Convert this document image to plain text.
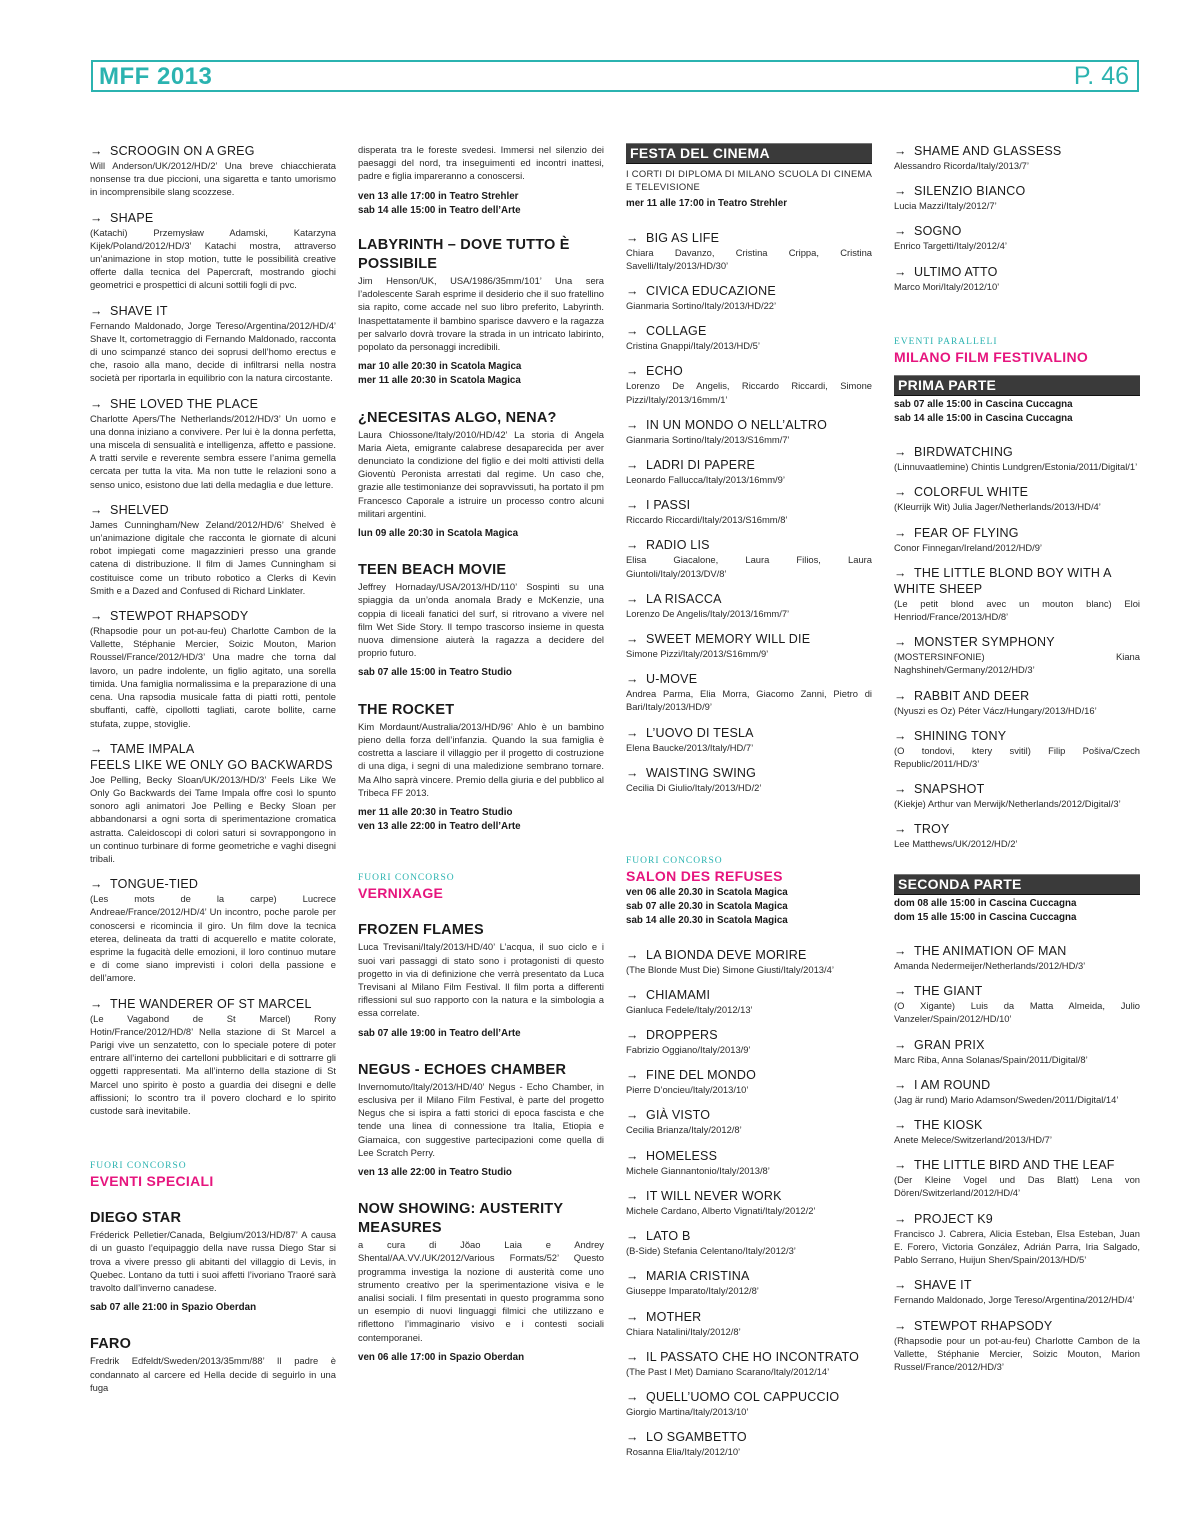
MFF 2013	P. 46
→  SCROOGIN ON A GREG
Will Anderson/UK/2012/HD/2’ Una breve chiacchierata nonsense tra due piccioni, una sigaretta e tanto umorismo in incomprensibile slang scozzese.
→  SHAPE
(Katachi) Przemysław Adamski, Katarzyna Kijek/Poland/2012/HD/3’ Katachi mostra, attraverso un’animazione in stop motion, tutte le possibilità creative offerte dalla tecnica del Papercraft, mostrando giochi geometrici e prospettici di alcuni sottili fogli di pvc.
→  SHAVE IT
Fernando Maldonado, Jorge Tereso/Argentina/2012/HD/4’ Shave It, cortometraggio di Fernando Maldonado, racconta di uno scimpanzé stanco dei soprusi dell’homo erectus e che, rasoio alla mano, decide di infiltrarsi nella nostra società per riportarla in equilibrio con la natura circostante.
→  SHE LOVED THE PLACE
Charlotte Apers/The Netherlands/2012/HD/3’ Un uomo e una donna iniziano a convivere. Per lui è la donna perfetta, una miscela di sensualità e intelligenza, affetto e passione. A tratti servile e reverente sembra essere l’anima gemella cercata per tutta la vita. Ma non tutte le relazioni sono a senso unico, esistono due lati della medaglia e due letture.
→  SHELVED
James Cunningham/New Zeland/2012/HD/6’ Shelved è un’animazione digitale che racconta le giornate di alcuni robot impiegati come magazzinieri presso una grande catena di distribuzione. Il film di James Cunningham si costituisce come un tributo robotico a Clerks di Kevin Smith e a Dazed and Confused di Richard Linklater.
→  STEWPOT RHAPSODY
(Rhapsodie pour un pot-au-feu) Charlotte Cambon de la Vallette, Stéphanie Mercier, Soizic Mouton, Marion Roussel/France/2012/HD/3’ Una madre che torna dal lavoro, un padre indolente, un figlio agitato, una sorella timida. Una famiglia normalissima e la preparazione di una cena. Una rapsodia musicale fatta di piatti rotti, pentole sbuffanti, caffè, cipollotti tagliati, carote bollite, carne stufata, zuppe, stoviglie.
→  TAME IMPALA
FEELS LIKE WE ONLY GO BACKWARDS
Joe Pelling, Becky Sloan/UK/2013/HD/3’ Feels Like We Only Go Backwards dei Tame Impala offre così lo spunto sonoro agli animatori Joe Pelling e Becky Sloan per abbandonarsi a ogni sorta di sperimentazione cromatica astratta. Caleidoscopi di colori saturi si sovrappongono in un continuo turbinare di forme geometriche e vaghi disegni tribali.
→  TONGUE-TIED
(Les mots de la carpe) Lucrece Andreae/France/2012/HD/4’ Un incontro, poche parole per conoscersi e ricomincia il giro. Un film dove la tecnica eterea, delineata da tratti di acquerello e matite colorate, esprime la fugacità delle emozioni, il loro continuo mutare e di come siano imprevisti i colori della passione e dell’amore.
→  THE WANDERER OF ST MARCEL
(Le Vagabond de St Marcel) Rony Hotin/France/2012/HD/8’ Nella stazione di St Marcel a Parigi vive un senzatetto, con lo speciale potere di poter entrare all’interno dei cartelloni pubblicitari e di sottrarre gli oggetti rappresentati. Ma all’interno della stazione di St Marcel uno spirito è posto a guardia dei disegni e delle affissioni; lo scontro tra il povero clochard e lo spirito custode sarà inevitabile.
FUORI CONCORSO
EVENTI SPECIALI
DIEGO STAR
Fréderick Pelletier/Canada, Belgium/2013/HD/87’ A causa di un guasto l’equipaggio della nave russa Diego Star si trova a vivere presso gli abitanti del villaggio di Levis, in Quebec. Lontano da tutti i suoi affetti l’ivoriano Traoré sarà travolto dall’inverno canadese.
sab 07 alle 21:00 in Spazio Oberdan
FARO
Fredrik Edfeldt/Sweden/2013/35mm/88’ Il padre è condannato al carcere ed Hella decide di seguirlo in una fuga
disperata tra le foreste svedesi. Immersi nel silenzio dei paesaggi del nord, tra inseguimenti ed incontri inattesi, padre e figlia impareranno a conoscersi.
ven 13 alle 17:00 in Teatro Strehler
sab 14 alle 15:00 in Teatro dell’Arte
LABYRINTH – DOVE TUTTO È POSSIBILE
Jim Henson/UK, USA/1986/35mm/101’ Una sera l’adolescente Sarah esprime il desiderio che il suo fratellino sia rapito, come accade nel suo libro preferito, Labyrinth. Inaspettatamente il bambino sparisce davvero e la ragazza per salvarlo dovrà trovare la strada in un intricato labirinto, popolato da personaggi incredibili.
mar 10 alle 20:30 in Scatola Magica
mer 11 alle 20:30 in Scatola Magica
¿NECESITAS ALGO, NENA?
Laura Chiossone/Italy/2010/HD/42’ La storia di Angela Maria Aieta, emigrante calabrese desaparecida per aver denunciato la condizione del figlio e dei molti attivisti della Gioventù Peronista arrestati dal regime. Un caso che, grazie alle testimonianze dei sopravvissuti, ha portato il pm Francesco Caporale a istruire un processo contro alcuni militari argentini.
lun 09 alle 20:30 in Scatola Magica
TEEN BEACH MOVIE
Jeffrey Hornaday/USA/2013/HD/110’ Sospinti su una spiaggia da un’onda anomala Brady e McKenzie, una coppia di liceali fanatici del surf, si ritrovano a vivere nel film Wet Side Story. Il tempo trascorso insieme in questa nuova dimensione aiuterà la ragazza a decidere del proprio futuro.
sab 07 alle 15:00 in Teatro Studio
THE ROCKET
Kim Mordaunt/Australia/2013/HD/96’ Ahlo è un bambino pieno della forza dell’infanzia. Quando la sua famiglia è costretta a lasciare il villaggio per il progetto di costruzione di una diga, i segni di una maledizione sembrano tornare. Ma Alho saprà vincere. Premio della giuria e del pubblico al Tribeca FF 2013.
mer 11 alle 20:30 in Teatro Studio
ven 13 alle 22:00 in Teatro dell’Arte
FUORI CONCORSO
VERNIXAGE
FROZEN FLAMES
Luca Trevisani/Italy/2013/HD/40’ L’acqua, il suo ciclo e i suoi vari passaggi di stato sono i protagonisti di questo progetto in via di definizione che verrà presentato da Luca Trevisani al Milano Film Festival. Il film porta a differenti riflessioni sul suo rapporto con la natura e la simbologia a essa correlate.
sab 07 alle 19:00 in Teatro dell’Arte
NEGUS - ECHOES CHAMBER
Invernomuto/Italy/2013/HD/40’ Negus - Echo Chamber, in esclusiva per il Milano Film Festival, è parte del progetto Negus che si ispira a fatti storici di epoca fascista e che tende una linea di connessione tra Italia, Etiopia e Giamaica, con suggestive partecipazioni come quella di Lee Scratch Perry.
ven 13 alle 22:00 in Teatro Studio
NOW SHOWING: AUSTERITY MEASURES
a cura di Jŏao Laia e Andrey Shental/AA.VV./UK/2012/Various Formats/52’ Questo programma investiga la nozione di austerità come uno strumento creativo per la sperimentazione visiva e le analisi sociali. I film presentati in questo programma sono un esempio di nuovi linguaggi filmici che utilizzano e riflettono l’immaginario visivo e i contesti sociali contemporanei.
ven 06 alle 17:00 in Spazio Oberdan
FESTA DEL CINEMA
I CORTI DI DIPLOMA DI MILANO SCUOLA DI CINEMA E TELEVISIONE
mer 11 alle 17:00 in Teatro Strehler
→  BIG AS LIFE
Chiara Davanzo, Cristina Crippa, Cristina Savelli/Italy/2013/HD/30’
→  CIVICA EDUCAZIONE
Gianmaria Sortino/Italy/2013/HD/22’
→  COLLAGE
Cristina Gnappi/Italy/2013/HD/5’
→  ECHO
Lorenzo De Angelis, Riccardo Riccardi, Simone Pizzi/Italy/2013/16mm/1’
→  IN UN MONDO O NELL’ALTRO
Gianmaria Sortino/Italy/2013/S16mm/7’
→  LADRI DI PAPERE
Leonardo Fallucca/Italy/2013/16mm/9’
→  I PASSI
Riccardo Riccardi/Italy/2013/S16mm/8’
→  RADIO LIS
Elisa Giacalone, Laura Filios, Laura Giuntoli/Italy/2013/DV/8’
→  LA RISACCA
Lorenzo De Angelis/Italy/2013/16mm/7’
→  SWEET MEMORY WILL DIE
Simone Pizzi/Italy/2013/S16mm/9’
→  U-MOVE
Andrea Parma, Elia Morra, Giacomo Zanni, Pietro di Bari/Italy/2013/HD/9’
→  L’UOVO DI TESLA
Elena Baucke/2013/Italy/HD/7’
→  WAISTING SWING
Cecilia Di Giulio/Italy/2013/HD/2’
FUORI CONCORSO
SALON DES REFUSES
ven 06 alle 20.30 in Scatola Magica
sab 07 alle 20.30 in Scatola Magica
sab 14 alle 20.30 in Scatola Magica
→  LA BIONDA DEVE MORIRE
(The Blonde Must Die) Simone Giusti/Italy/2013/4’
→  CHIAMAMI
Gianluca Fedele/Italy/2012/13’
→  DROPPERS
Fabrizio Oggiano/Italy/2013/9’
→  FINE DEL MONDO
Pierre D’oncieu/Italy/2013/10’
→  GIÀ VISTO
Cecilia Brianza/Italy/2012/8’
→  HOMELESS
Michele Giannantonio/Italy/2013/8’
→  IT WILL NEVER WORK
Michele Cardano, Alberto Vignati/Italy/2012/2’
→  LATO B
(B-Side) Stefania Celentano/Italy/2012/3’
→  MARIA CRISTINA
Giuseppe Imparato/Italy/2012/8’
→  MOTHER
Chiara Natalini/Italy/2012/8’
→  IL PASSATO CHE HO INCONTRATO
(The Past I Met) Damiano Scarano/Italy/2012/14’
→  QUELL’UOMO COL CAPPUCCIO
Giorgio Martina/Italy/2013/10’
→  LO SGAMBETTO
Rosanna Elia/Italy/2012/10’
→  SHAME AND GLASSESS
Alessandro Ricorda/Italy/2013/7’
→  SILENZIO BIANCO
Lucia Mazzi/Italy/2012/7’
→  SOGNO
Enrico Targetti/Italy/2012/4’
→  ULTIMO ATTO
Marco Mori/Italy/2012/10’
EVENTI PARALLELI
MILANO FILM FESTIVALINO
PRIMA PARTE
sab 07 alle 15:00 in Cascina Cuccagna
sab 14 alle 15:00 in Cascina Cuccagna
→  BIRDWATCHING
(Linnuvaatlemine) Chintis Lundgren/Estonia/2011/Digital/1’
→  COLORFUL WHITE
(Kleurrijk Wit) Julia Jager/Netherlands/2013/HD/4’
→  FEAR OF FLYING
Conor Finnegan/Ireland/2012/HD/9’
→  THE LITTLE BLOND BOY WITH A
WHITE SHEEP
(Le petit blond avec un mouton blanc) Eloi Henriod/France/2013/HD/8’
→  MONSTER SYMPHONY
(MOSTERSINFONIE) Kiana Naghshineh/Germany/2012/HD/3’
→  RABBIT AND DEER
(Nyuszi es Oz) Péter Vácz/Hungary/2013/HD/16’
→  SHINING TONY
(O tondovi, ktery svitil) Filip Pošiva/Czech Republic/2011/HD/3’
→  SNAPSHOT
(Kiekje) Arthur van Merwijk/Netherlands/2012/Digital/3’
→  TROY
Lee Matthews/UK/2012/HD/2’
SECONDA PARTE
dom 08 alle 15:00 in Cascina Cuccagna
dom 15 alle 15:00 in Cascina Cuccagna
→  THE ANIMATION OF MAN
Amanda Nedermeijer/Netherlands/2012/HD/3’
→  THE GIANT
(O Xigante) Luis da Matta Almeida, Julio Vanzeler/Spain/2012/HD/10’
→  GRAN PRIX
Marc Riba, Anna Solanas/Spain/2011/Digital/8’
→  I AM ROUND
(Jag är rund) Mario Adamson/Sweden/2011/Digital/14’
→  THE KIOSK
Anete Melece/Switzerland/2013/HD/7’
→  THE LITTLE BIRD AND THE LEAF
(Der Kleine Vogel und Das Blatt) Lena von Dören/Switzerland/2012/HD/4’
→  PROJECT K9
Francisco J. Cabrera, Alicia Esteban, Elsa Esteban, Juan E. Forero, Victoria González, Adrián Parra, Iria Salgado, Pablo Serrano, Huijun Shen/Spain/2013/HD/5’
→  SHAVE IT
Fernando Maldonado, Jorge Tereso/Argentina/2012/HD/4’
→  STEWPOT RHAPSODY
(Rhapsodie pour un pot-au-feu) Charlotte Cambon de la Vallette, Stéphanie Mercier, Soizic Mouton, Marion Russel/France/2012/HD/3’
